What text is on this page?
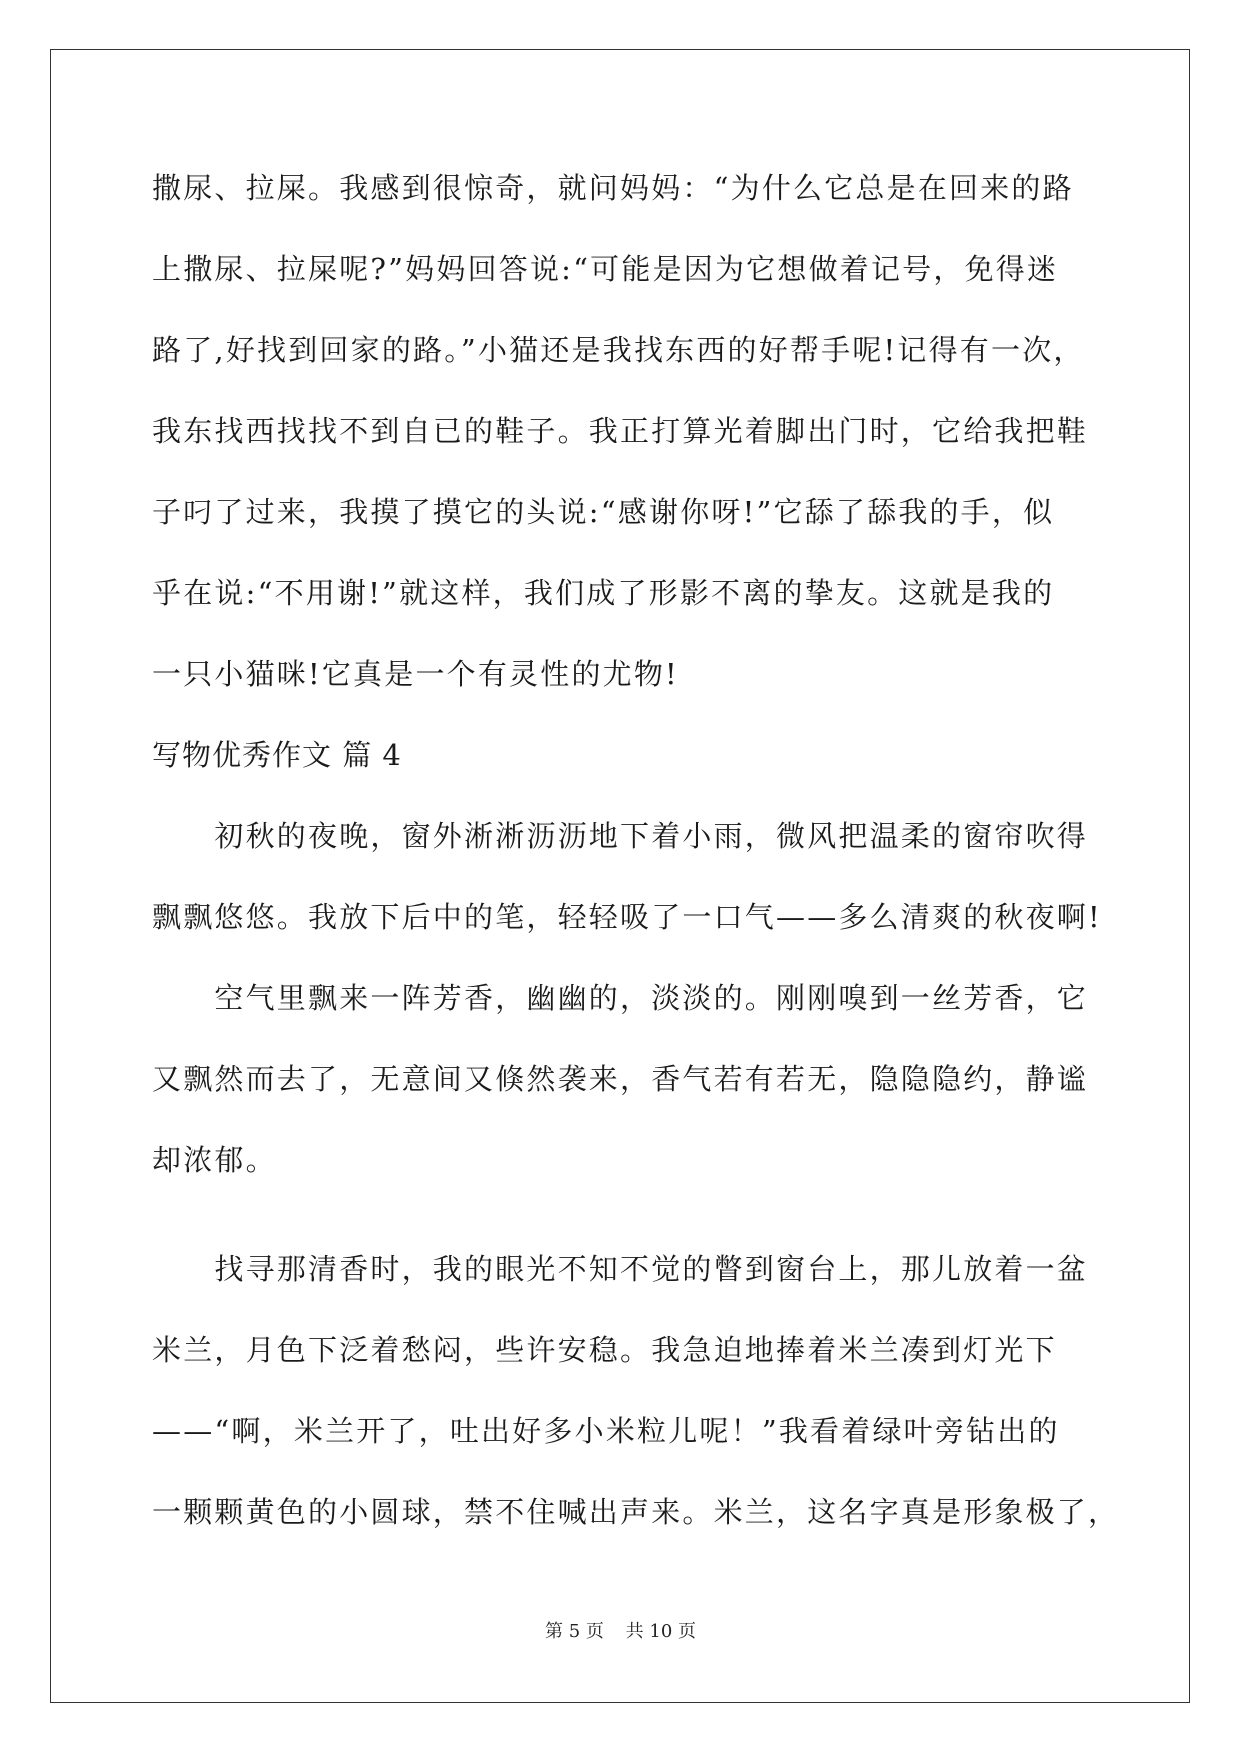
撒尿、拉屎。我感到很惊奇，就问妈妈：“为什么它总是在回来的路
上撒尿、拉屎呢?”妈妈回答说:“可能是因为它想做着记号，免得迷
路了,好找到回家的路。”小猫还是我找东西的好帮手呢!记得有一次，
我东找西找找不到自已的鞋子。我正打算光着脚出门时，它给我把鞋
子叼了过来，我摸了摸它的头说:“感谢你呀!”它舔了舔我的手，似
乎在说:“不用谢!”就这样，我们成了形影不离的挚友。这就是我的
一只小猫咪!它真是一个有灵性的尤物!
写物优秀作文 篇 4
　　初秋的夜晚，窗外淅淅沥沥地下着小雨，微风把温柔的窗帘吹得
飘飘悠悠。我放下后中的笔，轻轻吸了一口气——多么清爽的秋夜啊!
　　空气里飘来一阵芳香，幽幽的，淡淡的。刚刚嗅到一丝芳香，它
又飘然而去了，无意间又倏然袭来，香气若有若无，隐隐隐约，静谧
却浓郁。
　　找寻那清香时，我的眼光不知不觉的瞥到窗台上，那儿放着一盆
米兰，月色下泛着愁闷，些许安稳。我急迫地捧着米兰凑到灯光下
——“啊，米兰开了，吐出好多小米粒儿呢！”我看着绿叶旁钻出的
一颗颗黄色的小圆球，禁不住喊出声来。米兰，这名字真是形象极了，
第 5 页 共 10 页
